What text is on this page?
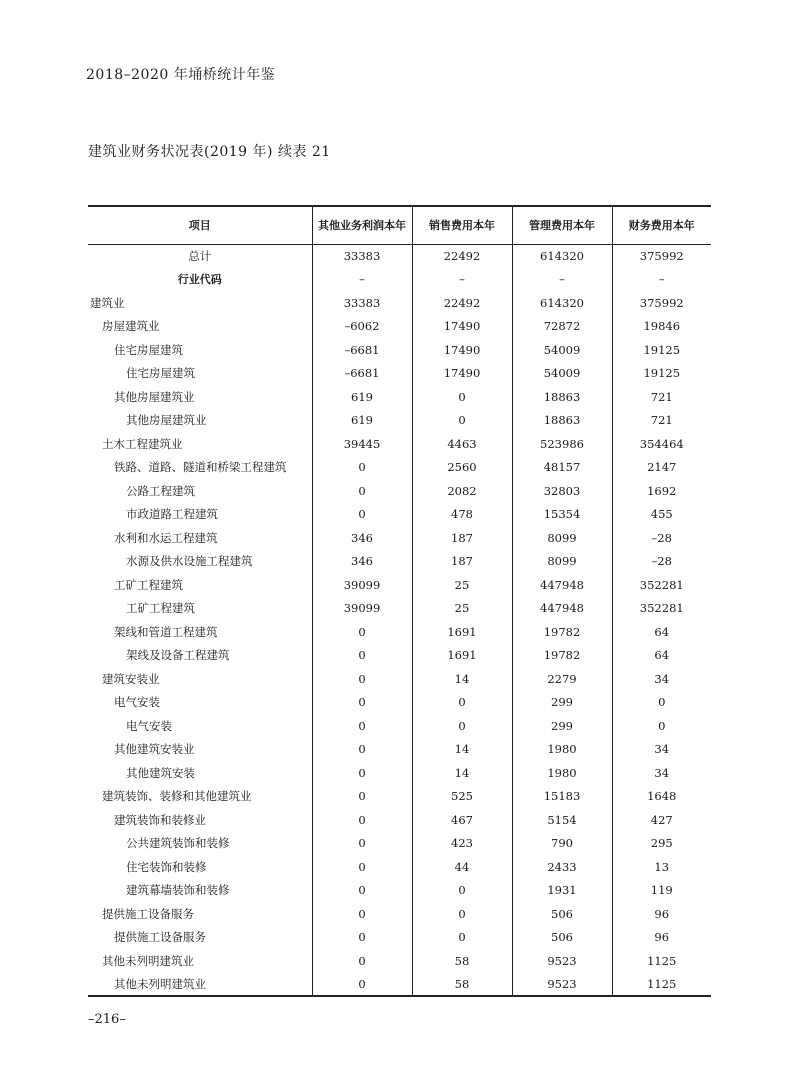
2018–2020 年埇桥统计年鉴
建筑业财务状况表(2019 年) 续表 21
项目	其他业务利润本年	销售费用本年	管理费用本年	财务费用本年
总计	33383	22492	614320	375992
行业代码	–	–	–	–
建筑业	33383	22492	614320	375992
房屋建筑业	–6062	17490	72872	19846
住宅房屋建筑	–6681	17490	54009	19125
住宅房屋建筑	–6681	17490	54009	19125
其他房屋建筑业	619	0	18863	721
其他房屋建筑业	619	0	18863	721
土木工程建筑业	39445	4463	523986	354464
铁路、道路、隧道和桥梁工程建筑	0	2560	48157	2147
公路工程建筑	0	2082	32803	1692
市政道路工程建筑	0	478	15354	455
水利和水运工程建筑	346	187	8099	–28
水源及供水设施工程建筑	346	187	8099	–28
工矿工程建筑	39099	25	447948	352281
工矿工程建筑	39099	25	447948	352281
架线和管道工程建筑	0	1691	19782	64
架线及设备工程建筑	0	1691	19782	64
建筑安装业	0	14	2279	34
电气安装	0	0	299	0
电气安装	0	0	299	0
其他建筑安装业	0	14	1980	34
其他建筑安装	0	14	1980	34
建筑装饰、装修和其他建筑业	0	525	15183	1648
建筑装饰和装修业	0	467	5154	427
公共建筑装饰和装修	0	423	790	295
住宅装饰和装修	0	44	2433	13
建筑幕墙装饰和装修	0	0	1931	119
提供施工设备服务	0	0	506	96
提供施工设备服务	0	0	506	96
其他未列明建筑业	0	58	9523	1125
其他未列明建筑业	0	58	9523	1125
–216–
